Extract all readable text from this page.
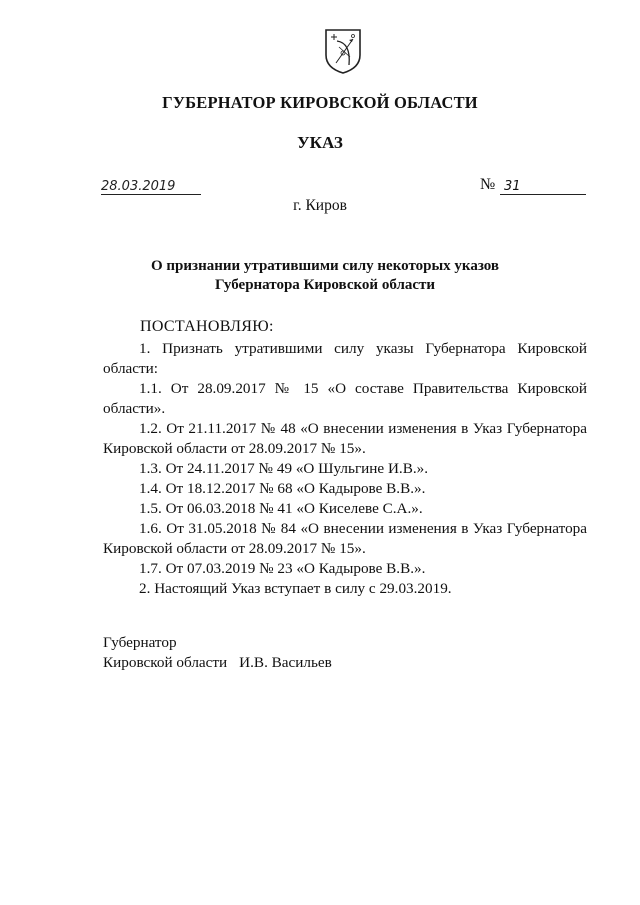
ГУБЕРНАТОР КИРОВСКОЙ ОБЛАСТИ
УКАЗ
28.03.2019	№ 31
г. Киров
О признании утратившими силу некоторых указов
Губернатора Кировской области
ПОСТАНОВЛЯЮ:

1. Признать утратившими силу указы Губернатора Кировской области:

1.1. От 28.09.2017 № 15 «О составе Правительства Кировской области».

1.2. От 21.11.2017 № 48 «О внесении изменения в Указ Губернатора Кировской области от 28.09.2017 № 15».

1.3. От 24.11.2017 № 49 «О Шульгине И.В.».

1.4. От 18.12.2017 № 68 «О Кадырове В.В.».

1.5. От 06.03.2018 № 41 «О Киселеве С.А.».

1.6. От 31.05.2018 № 84 «О внесении изменения в Указ Губернатора Кировской области от 28.09.2017 № 15».

1.7. От 07.03.2019 № 23 «О Кадырове В.В.».

2. Настоящий Указ вступает в силу с 29.03.2019.

Губернатор
Кировской области И.В. Васильев
